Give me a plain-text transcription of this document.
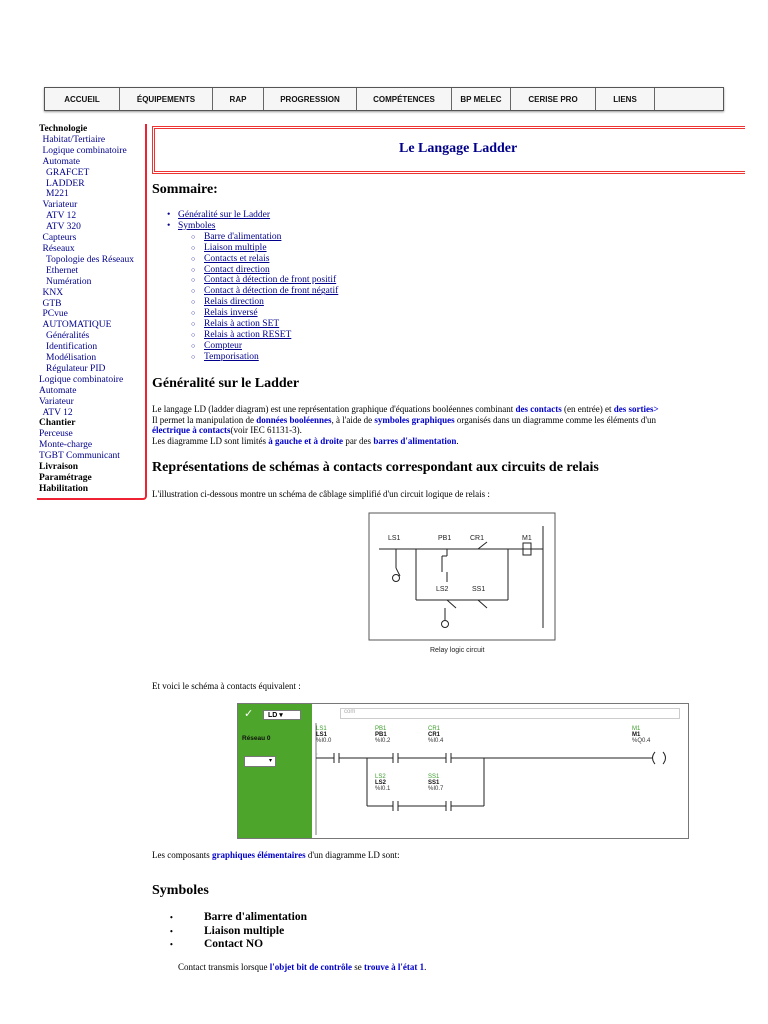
ACCUEIL	ÉQUIPEMENTS	RAP	PROGRESSION	COMPÉTENCES	BP MELEC	CERISE PRO	LIENS
Technologie
Habitat/Tertiaire
Logique combinatoire
Automate
GRAFCET
LADDER
M221
Variateur
ATV 12
ATV 320
Capteurs
Réseaux
Topologie des Réseaux
Ethernet
Numération
KNX
GTB
PCvue
AUTOMATIQUE
Généralités
Identification
Modélisation
Régulateur PID
Logique combinatoire
Automate
Variateur
ATV 12
Chantier
Perceuse
Monte-charge
TGBT Communicant
Livraison
Paramétrage
Habilitation
Le Langage Ladder
Sommaire:
• Généralité sur le Ladder
• Symboles
○ Barre d'alimentation
○ Liaison multiple
○ Contacts et relais
○ Contact direction
○ Contact à détection de front positif
○ Contact à détection de front négatif
○ Relais direction
○ Relais inversé
○ Relais à action SET
○ Relais à action RESET
○ Compteur
○ Temporisation
Généralité sur le Ladder
Le langage LD (ladder diagram) est une représentation graphique d'équations booléennes combinant des contacts (en entrée) et des sorties>
Il permet la manipulation de données booléennes, à l'aide de symboles graphiques organisés dans un diagramme comme les éléments d'un
électrique à contacts(voir IEC 61131-3).
Les diagramme LD sont limités à gauche et à droite par des barres d'alimentation.
Représentations de schémas à contacts correspondant aux circuits de relais
L'illustration ci-dessous montre un schéma de câblage simplifié d'un circuit logique de relais :
LS1	PB1	CR1	M1
LS2	SS1
Relay logic circuit
Et voici le schéma à contacts équivalent :
✓	LD ▾
Réseau 0
▾
com
LS1
LS1
%I0.0
PB1
PB1
%I0.2
CR1
CR1
%I0.4
LS2
LS2
%I0.1
SS1
SS1
%I0.7
M1
M1
%Q0.4
Les composants graphiques élémentaires d'un diagramme LD sont:
Symboles
• Barre d'alimentation
• Liaison multiple
• Contact NO
Contact transmis lorsque l'objet bit de contrôle se trouve à l'état 1.
